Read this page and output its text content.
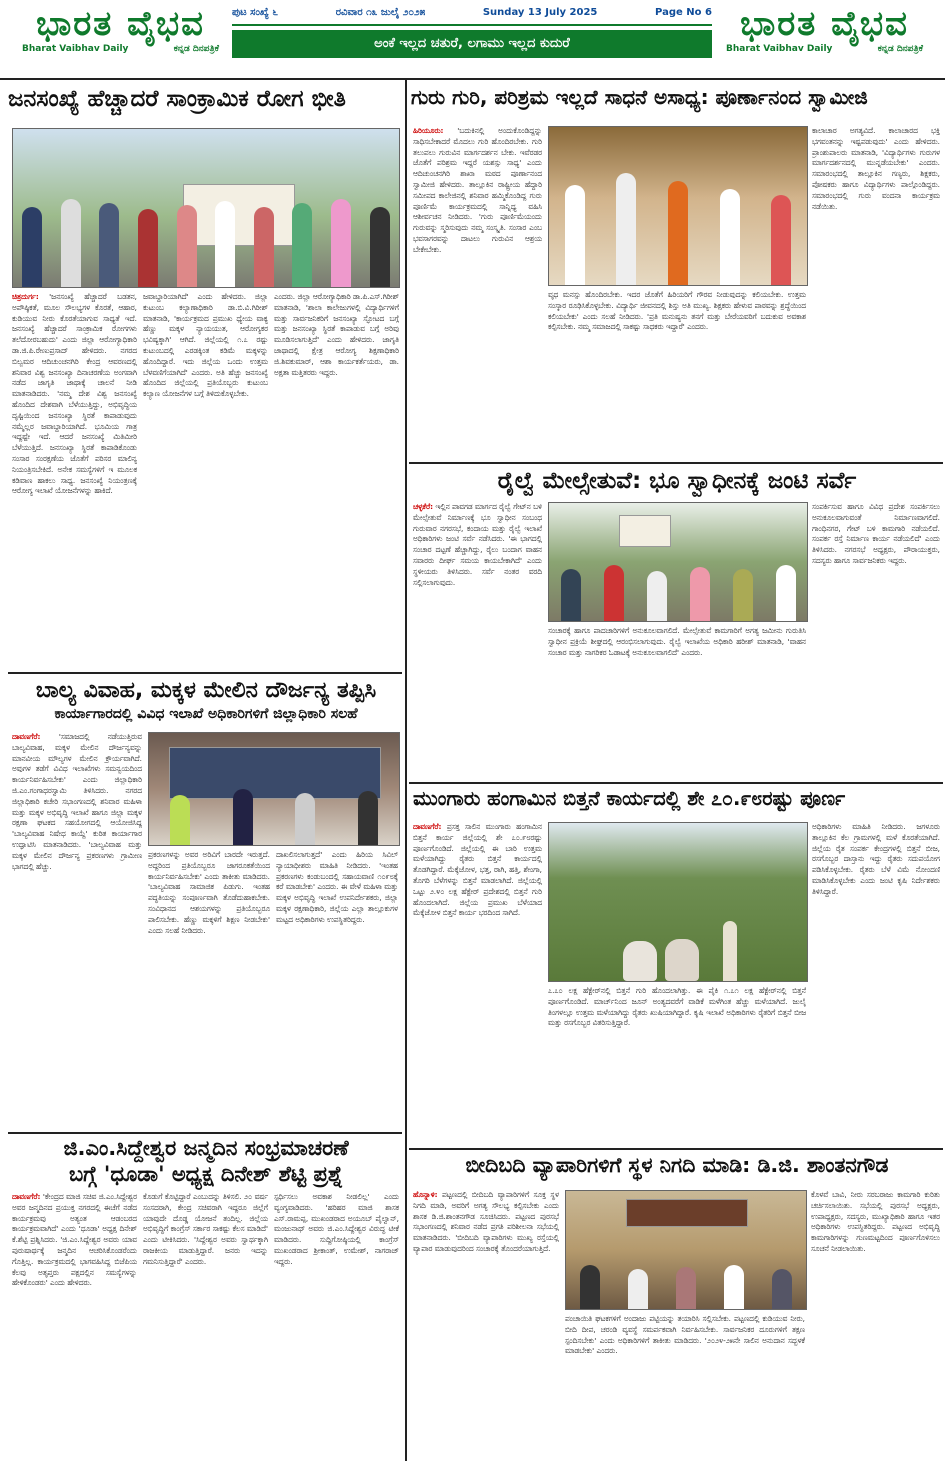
ಭಾರತ ವೈಭವ
Bharat Vaibhav Daily	ಕನ್ನಡ ದಿನಪತ್ರಿಕೆ
ಪುಟ ಸಂಖ್ಯೆ ೬	ರವಿವಾರ ೧೩ ಜುಲೈ ೨೦೨೫	Sunday 13 July 2025	Page No 6
ಅಂಕೆ ಇಲ್ಲದ ಚತುರೆ, ಲಗಾಮು ಇಲ್ಲದ ಕುದುರೆ	ಭಾರತ ವೈಭವ
Bharat Vaibhav Daily	ಕನ್ನಡ ದಿನಪತ್ರಿಕೆ
ಜನಸಂಖ್ಯೆ ಹೆಚ್ಚಾದರೆ ಸಾಂಕ್ರಾಮಿಕ ರೋಗ ಭೀತಿ
ಚಿತ್ರದುರ್ಗ: 'ಜನಸಂಖ್ಯೆ ಹೆಚ್ಚಾದರೆ ಬಡತನ, ಅಪೌಷ್ಠಿಕತೆ, ಮೂಲ ಸೌಲಭ್ಯಗಳ ಕೊರತೆ, ಆಹಾರ, ಕುಡಿಯುವ ನೀರು ಕೊರತೆಯಾಗುವ ಸಾಧ್ಯತೆ ಇದೆ. ಜನಸಂಖ್ಯೆ ಹೆಚ್ಚಾದರೆ ಸಾಂಕ್ರಾಮಿಕ ರೋಗಗಳು ತಲೆದೋರಬಹುದು' ಎಂದು ಜಿಲ್ಲಾ ಆರೋಗ್ಯಾಧಿಕಾರಿ ಡಾ.ಜಿ.ಪಿ.ರೇಣುಪ್ರಸಾದ್ ಹೇಳಿದರು. ನಗರದ ಬಿಲ್ವಮರ ಆದಿಚುಂಚನಗಿರಿ ಕೇಂದ್ರ ಆವರಣದಲ್ಲಿ ಶನಿವಾರ ವಿಶ್ವ ಜನಸಂಖ್ಯಾ ದಿನಾಚರಣೆಯ ಅಂಗವಾಗಿ ನಡೆದ ಜಾಗೃತಿ ಜಾಥಾಕ್ಕೆ ಚಾಲನೆ ನೀಡಿ ಮಾತನಾಡಿದರು. 'ನಮ್ಮ ದೇಶ ವಿಶ್ವ ಜನಸಂಖ್ಯೆ ಹೊಂದಿದ ದೇಶವಾಗಿ ಬೆಳೆಯುತ್ತಿದ್ದು, ಅಭಿವೃದ್ಧಿಯ ದೃಷ್ಟಿಯಿಂದ ಜನಸಂಖ್ಯಾ ಸ್ಥಿರತೆ ಕಾಪಾಡುವುದು ನಮ್ಮೆಲ್ಲರ ಜವಾಬ್ದಾರಿಯಾಗಿದೆ. ಭೂಮಿಯ ಗಾತ್ರ ಇದ್ದಷ್ಟೇ ಇದೆ. ಆದರೆ ಜನಸಂಖ್ಯೆ ಮಿತಿಮೀರಿ ಬೆಳೆಯುತ್ತಿದೆ. ಜನಸಂಖ್ಯಾ ಸ್ಥಿರತೆ ಕಾಪಾಡಿಕೊಂಡು ಸಂಸಾರ ಸಂರಕ್ಷಣೆಯ ಜೊತೆಗೆ ಪರಿಸರ ಮಾಲಿನ್ಯ ನಿಯಂತ್ರಿಸಬೇಕಿದೆ. ಅನೇಕ ಸಮಸ್ಯೆಗಳಿಗೆ ಇ ಮೂಲಕ ಕಡಿವಾಣ ಹಾಕಲು ಸಾಧ್ಯ. ಜನಸಂಖ್ಯೆ ನಿಯಂತ್ರಣಕ್ಕೆ ಆರೋಗ್ಯ ಇಲಾಖೆ ಯೋಜನೆಗಳನ್ನು ಹಾಕಿದೆ.
ಜವಾಬ್ದಾರಿಯಾಗಿದೆ' ಎಂದು ಹೇಳಿದರು. ಜಿಲ್ಲಾ ಕುಟುಂಬ ಕಲ್ಯಾಣಾಧಿಕಾರಿ ಡಾ.ಬಿ.ವಿ.ಗಿರೀಶ್ ಮಾತನಾಡಿ, 'ಕಾರ್ಯಕ್ರಮದ ಪ್ರಮುಖ ಧ್ಯೇಯ ವಾಕ್ಯ ಹೆಣ್ಣು ಮಕ್ಕಳ ನ್ಯಾಯಯುತ, ಆರೋಗ್ಯಕರ ಭವಿಷ್ಯಕ್ಕಾಗಿ' ಆಗಿದೆ. ಜಿಲ್ಲೆಯಲ್ಲಿ ೧.೭ ರಷ್ಟು ಕುಟುಂಬದಲ್ಲಿ ಎರಡಕ್ಕಿಂತ ಕಡಿಮೆ ಮಕ್ಕಳನ್ನು ಹೊಂದಿದ್ದಾರೆ. ಇದು ಜಿಲ್ಲೆಯ ಒಂದು ಉತ್ತಮ ಬೆಳವಣಿಗೆಯಾಗಿದೆ' ಎಂದರು. ಅತಿ ಹೆಚ್ಚು ಜನಸಂಖ್ಯೆ ಹೊಂದಿದ ಜಿಲ್ಲೆಯಲ್ಲಿ ಪ್ರತಿಯೊಬ್ಬರು ಕುಟುಂಬ ಕಲ್ಯಾಣ ಯೋಜನೆಗಳ ಬಗ್ಗೆ ತಿಳಿದುಕೊಳ್ಳಬೇಕು.
ಎಂದರು. ಜಿಲ್ಲಾ ಆರೋಗ್ಯಾಧಿಕಾರಿ ಡಾ.ಪಿ.ಎಸ್.ಗಿರೀಶ್ ಮಾತನಾಡಿ, 'ಶಾಲಾ ಕಾಲೇಜುಗಳಲ್ಲಿ ವಿದ್ಯಾರ್ಥಿಗಳಿಗೆ ಮತ್ತು ಸಾರ್ವಜನಿಕರಿಗೆ ಜನಸಂಖ್ಯಾ ಸ್ಫೋಟದ ಬಗ್ಗೆ ಮತ್ತು ಜನಸಂಖ್ಯಾ ಸ್ಥಿರತೆ ಕಾಪಾಡುವ ಬಗ್ಗೆ ಅರಿವು ಮೂಡಿಸಲಾಗುತ್ತಿದೆ' ಎಂದು ಹೇಳಿದರು. ಜಾಗೃತಿ ಜಾಥಾದಲ್ಲಿ ಕ್ಷೇತ್ರ ಆರೋಗ್ಯ ಶಿಕ್ಷಣಾಧಿಕಾರಿ ಜಿ.ಶಿವಕುಮಾರ್, ಆಶಾ ಕಾರ್ಯಕರ್ತೆಯರು, ಡಾ. ಅಕ್ಷತಾ ಮತ್ತಿತರರು ಇದ್ದರು.
ಬಾಲ್ಯ ವಿವಾಹ, ಮಕ್ಕಳ ಮೇಲಿನ ದೌರ್ಜನ್ಯ ತಪ್ಪಿಸಿ
ಕಾರ್ಯಾಗಾರದಲ್ಲಿ ವಿವಿಧ ಇಲಾಖೆ ಅಧಿಕಾರಿಗಳಿಗೆ ಜಿಲ್ಲಾಧಿಕಾರಿ ಸಲಹೆ
ದಾವಣಗೆರೆ:	'ಸಮಾಜದಲ್ಲಿ ನಡೆಯುತ್ತಿರುವ ಬಾಲ್ಯವಿವಾಹ, ಮಕ್ಕಳ ಮೇಲಿನ ದೌರ್ಜನ್ಯವನ್ನು ಮಾನವೀಯ ಮೌಲ್ಯಗಳ ಮೇಲಿನ ಕ್ರೌರ್ಯವಾಗಿದೆ. ಅವುಗಳ ತಡೆಗೆ ವಿವಿಧ ಇಲಾಖೆಗಳು ಸಮನ್ವಯದಿಂದ ಕಾರ್ಯನಿರ್ವಹಿಸಬೇಕು' ಎಂದು ಜಿಲ್ಲಾಧಿಕಾರಿ ಜಿ.ಎಂ.ಗಂಗಾಧರಸ್ವಾಮಿ ತಿಳಿಸಿದರು. ನಗರದ ಜಿಲ್ಲಾಧಿಕಾರಿ ಕಚೇರಿ ಸಭಾಂಗಣದಲ್ಲಿ ಶನಿವಾರ ಮಹಿಳಾ ಮತ್ತು ಮಕ್ಕಳ ಅಭಿವೃದ್ಧಿ ಇಲಾಖೆ ಹಾಗೂ ಜಿಲ್ಲಾ ಮಕ್ಕಳ ರಕ್ಷಣಾ ಘಟಕದ ಸಹಯೋಗದಲ್ಲಿ ಆಯೋಜಿಸಿದ್ದ 'ಬಾಲ್ಯವಿವಾಹ ನಿಷೇಧ ಕಾಯ್ದೆ' ಕುರಿತ ಕಾರ್ಯಾಗಾರ ಉದ್ಘಾಟಿಸಿ ಮಾತನಾಡಿದರು. 'ಬಾಲ್ಯವಿವಾಹ ಮತ್ತು ಮಕ್ಕಳ ಮೇಲಿನ ದೌರ್ಜನ್ಯ ಪ್ರಕರಣಗಳು ಗ್ರಾಮೀಣ ಭಾಗದಲ್ಲಿ ಹೆಚ್ಚು.
ಪ್ರಕರಣಗಳನ್ನು ಅವರ ಅರಿವಿಗೆ ಬಾರದೇ ಇರುತ್ತದೆ. ಅದ್ದರಿಂದ ಪ್ರತಿಯೊಬ್ಬರೂ ಜಾಗರೂಕತೆಯಿಂದ ಕಾರ್ಯನಿರ್ವಹಿಸಬೇಕು' ಎಂದು ತಾಕೀತು ಮಾಡಿದರು. 'ಬಾಲ್ಯವಿವಾಹ ಸಾಮಾಜಿಕ ಪಿಡುಗು. ಇಂತಹ ಪದ್ಧತಿಯನ್ನು ಸಂಪೂರ್ಣವಾಗಿ ತೊಡೆದುಹಾಕಬೇಕು. ಸಂವಿಧಾನದ ಆಶಯಗಳನ್ನು ಪ್ರತಿಯೊಬ್ಬರೂ ಪಾಲಿಸಬೇಕು. ಹೆಣ್ಣು ಮಕ್ಕಳಿಗೆ ಶಿಕ್ಷಣ ನೀಡಬೇಕು' ಎಂದು ಸಲಹೆ ನೀಡಿದರು.
ದಾಖಲಿಸಲಾಗುತ್ತದೆ' ಎಂದು ಹಿರಿಯ ಸಿವಿಲ್ ನ್ಯಾಯಾಧೀಶರು ಮಾಹಿತಿ ನೀಡಿದರು. 'ಇಂತಹ ಪ್ರಕರಣಗಳು ಕಂಡುಬಂದಲ್ಲಿ ಸಹಾಯವಾಣಿ ೧೦೯೮ಕ್ಕೆ ಕರೆ ಮಾಡಬೇಕು' ಎಂದರು. ಈ ವೇಳೆ ಮಹಿಳಾ ಮತ್ತು ಮಕ್ಕಳ ಅಭಿವೃದ್ಧಿ ಇಲಾಖೆ ಉಪನಿರ್ದೇಶಕರು, ಜಿಲ್ಲಾ ಮಕ್ಕಳ ರಕ್ಷಣಾಧಿಕಾರಿ, ಜಿಲ್ಲೆಯ ಎಲ್ಲಾ ತಾಲ್ಲೂಕುಗಳ ಮಟ್ಟದ ಅಧಿಕಾರಿಗಳು ಉಪಸ್ಥಿತರಿದ್ದರು.
ಜಿ.ಎಂ.ಸಿದ್ದೇಶ್ವರ ಜನ್ಮದಿನ ಸಂಭ್ರಮಾಚರಣೆ
ಬಗ್ಗೆ 'ಧೂಡಾ' ಅಧ್ಯಕ್ಷ ದಿನೇಶ್ ಶೆಟ್ಟಿ ಪ್ರಶ್ನೆ
ದಾವಣಗೆರೆ: 'ಕೇಂದ್ರದ ಮಾಜಿ ಸಚಿವ ಜಿ.ಎಂ.ಸಿದ್ದೇಶ್ವರ ಅವರ ಜನ್ಮದಿನದ ಪ್ರಯುಕ್ತ ನಗರದಲ್ಲಿ ಈಚೆಗೆ ನಡೆದ ಕಾರ್ಯಕ್ರಮವು ಅತ್ಯಂತ ಆಡಂಬರದ ಕಾರ್ಯಕ್ರಮವಾಗಿದೆ' ಎಂದು 'ಧೂಡಾ' ಅಧ್ಯಕ್ಷ ದಿನೇಶ್ ಕೆ.ಶೆಟ್ಟಿ ಪ್ರಶ್ನಿಸಿದರು. 'ಜಿ.ಎಂ.ಸಿದ್ದೇಶ್ವರ ಅವರು ಯಾವ ಪುರುಷಾರ್ಥಕ್ಕೆ ಜನ್ಮದಿನ ಆಚರಿಸಿಕೊಂಡರೆಂದು ಗೊತ್ತಿಲ್ಲ. ಕಾರ್ಯಕ್ರಮದಲ್ಲಿ ಭಾಗವಹಿಸಿದ್ದ ಬಿಜೆಪಿಯ ಕೆಲವು ಅತೃಪ್ತರು ಪಕ್ಷದಲ್ಲಿನ ಸಮಸ್ಯೆಗಳನ್ನು ಹೇಳಿಕೊಂಡರು' ಎಂದು ಹೇಳಿದರು.
ಕೊಡುಗೆ ಕೊಟ್ಟಿದ್ದಾರೆ ಎಂಬುದನ್ನು ತಿಳಿಸಲಿ. ೨೦ ವರ್ಷ ಸಂಸದರಾಗಿ, ಕೇಂದ್ರ ಸಚಿವರಾಗಿ ಇದ್ದರೂ ಜಿಲ್ಲೆಗೆ ಯಾವುದೇ ದೊಡ್ಡ ಯೋಜನೆ ತಂದಿಲ್ಲ. ಜಿಲ್ಲೆಯ ಅಭಿವೃದ್ಧಿಗೆ ಕಾಂಗ್ರೆಸ್ ಸರ್ಕಾರ ಸಾಕಷ್ಟು ಕೆಲಸ ಮಾಡಿದೆ' ಎಂದು ಟೀಕಿಸಿದರು. 'ಸಿದ್ದೇಶ್ವರ ಅವರು ಸ್ವಾರ್ಥಕ್ಕಾಗಿ ರಾಜಕೀಯ ಮಾಡುತ್ತಿದ್ದಾರೆ. ಜನರು ಇದನ್ನು ಗಮನಿಸುತ್ತಿದ್ದಾರೆ' ಎಂದರು.
ಸ್ಪರ್ಧಿಸಲು ಅವಕಾಶ ನೀಡಲಿಲ್ಲ' ಎಂದು ವ್ಯಂಗ್ಯವಾಡಿದರು. 'ಹರಿಹರ ಮಾಜಿ ಶಾಸಕ ಎಸ್.ರಾಮಪ್ಪ, ಮುಖಂಡರಾದ ಅಯೂಬ್ ಪೈಲ್ವಾನ್, ಮಂಜುನಾಥ್ ಅವರು ಜಿ.ಎಂ.ಸಿದ್ದೇಶ್ವರ ವಿರುದ್ಧ ಟೀಕೆ ಮಾಡಿದರು. ಸುದ್ದಿಗೋಷ್ಠಿಯಲ್ಲಿ ಕಾಂಗ್ರೆಸ್ ಮುಖಂಡರಾದ ಶ್ರೀಕಾಂತ್, ಉಮೇಶ್, ನಾಗರಾಜ್ ಇದ್ದರು.
ಗುರು ಗುರಿ, ಪರಿಶ್ರಮ ಇಲ್ಲದೆ ಸಾಧನೆ ಅಸಾಧ್ಯ: ಪೂರ್ಣಾನಂದ ಸ್ವಾಮೀಜಿ
ಹಿರಿಯೂರು: 'ಬದುಕಿನಲ್ಲಿ ಅಂದುಕೊಂಡಿದ್ದನ್ನು ಸಾಧಿಸಬೇಕಾದರೆ ಮೊದಲು ಗುರಿ ಹೊಂದಿರಬೇಕು. ಗುರಿ ತಲುಪಲು ಗುರುವಿನ ಮಾರ್ಗದರ್ಶನ ಬೇಕು. ಇವೆರಡರ ಜೊತೆಗೆ ಪರಿಶ್ರಮ ಇದ್ದರೆ ಯಶಸ್ಸು ಸಾಧ್ಯ' ಎಂದು ಆದಿಚುಂಚನಗಿರಿ ಶಾಖಾ ಮಠದ ಪೂರ್ಣಾನಂದ ಸ್ವಾಮೀಜಿ ಹೇಳಿದರು. ತಾಲ್ಲೂಕಿನ ರಾಷ್ಟ್ರೀಯ ಹೆದ್ದಾರಿ ಸಮೀಪದ ಕಾಲೇಜಿನಲ್ಲಿ ಶನಿವಾರ ಹಮ್ಮಿಕೊಂಡಿದ್ದ ಗುರು ಪೂರ್ಣಿಮೆ ಕಾರ್ಯಕ್ರಮದಲ್ಲಿ ಸಾನ್ನಿಧ್ಯ ವಹಿಸಿ ಆಶೀರ್ವಚನ ನೀಡಿದರು. 'ಗುರು ಪೂರ್ಣಿಮೆಯಂದು ಗುರುವನ್ನು ಸ್ಮರಿಸುವುದು ನಮ್ಮ ಸಂಸ್ಕೃತಿ. ಸಂಸಾರ ಎಂಬ ಭವಸಾಗರವನ್ನು ದಾಟಲು ಗುರುವಿನ ಆಶ್ರಯ ಬೇಕೇಬೇಕು.
ವೃಧ ಮನಸ್ಸು ಹೊಂದಿರಬೇಕು. ಇದರ ಜೊತೆಗೆ ಹಿರಿಯರಿಗೆ ಗೌರವ ನೀಡುವುದನ್ನು ಕಲಿಯಬೇಕು. ಉತ್ತಮ ಸಂಸ್ಕಾರ ರೂಢಿಸಿಕೊಳ್ಳಬೇಕು. ವಿದ್ಯಾರ್ಥಿ ಜೀವನದಲ್ಲಿ ಶಿಸ್ತು ಅತಿ ಮುಖ್ಯ. ಶಿಕ್ಷಕರು ಹೇಳುವ ಪಾಠವನ್ನು ಶ್ರದ್ಧೆಯಿಂದ ಕಲಿಯಬೇಕು' ಎಂದು ಸಲಹೆ ನೀಡಿದರು. 'ಪ್ರತಿ ಮನುಷ್ಯನು ತನಗೆ ಮತ್ತು ಬೇರೆಯವರಿಗೆ ಬದುಕುವ ಅವಕಾಶ ಕಲ್ಪಿಸಬೇಕು. ನಮ್ಮ ಸಮಾಜದಲ್ಲಿ ಸಾಕಷ್ಟು ಸಾಧಕರು ಇದ್ದಾರೆ' ಎಂದರು.
ಕಾಲಾಚಾರ ಅಗತ್ಯವಿದೆ. ಕಾಲಾಚಾರದ ಭಕ್ತಿ ಭಗವಂತನನ್ನು ಇಷ್ಟಪಡುವುದು' ಎಂದು ಹೇಳಿದರು. ಪ್ರಾಂಶುಪಾಲರು ಮಾತನಾಡಿ, 'ವಿದ್ಯಾರ್ಥಿಗಳು ಗುರುಗಳ ಮಾರ್ಗದರ್ಶನದಲ್ಲಿ ಮುನ್ನಡೆಯಬೇಕು' ಎಂದರು. ಸಮಾರಂಭದಲ್ಲಿ ತಾಲ್ಲೂಕಿನ ಗಣ್ಯರು, ಶಿಕ್ಷಕರು, ಪೋಷಕರು ಹಾಗೂ ವಿದ್ಯಾರ್ಥಿಗಳು ಪಾಲ್ಗೊಂಡಿದ್ದರು. ಸಮಾರಂಭದಲ್ಲಿ ಗುರು ವಂದನಾ ಕಾರ್ಯಕ್ರಮ ನಡೆಯಿತು.
ರೈಲ್ವೆ ಮೇಲ್ಸೇತುವೆ: ಭೂ ಸ್ವಾಧೀನಕ್ಕೆ ಜಂಟಿ ಸರ್ವೆ
ಚಳ್ಳಕೆರೆ: ಇಲ್ಲಿನ ಪಾವಗಡ ಮಾರ್ಗದ ರೈಲ್ವೆ ಗೇಟ್‌ನ ಬಳಿ ಮೇಲ್ಸೇತುವೆ ನಿರ್ಮಾಣಕ್ಕೆ ಭೂ ಸ್ವಾಧೀನ ಸಂಬಂಧ ಗುರುವಾರ ನಗರಸಭೆ, ಕಂದಾಯ ಮತ್ತು ರೈಲ್ವೆ ಇಲಾಖೆ ಅಧಿಕಾರಿಗಳು ಜಂಟಿ ಸರ್ವೆ ನಡೆಸಿದರು. 'ಈ ಭಾಗದಲ್ಲಿ ಸಂಚಾರ ದಟ್ಟಣೆ ಹೆಚ್ಚಾಗಿದ್ದು, ರೈಲು ಬಂದಾಗ ವಾಹನ ಸವಾರರು ದೀರ್ಘ ಸಮಯ ಕಾಯಬೇಕಾಗಿದೆ' ಎಂದು ಸ್ಥಳೀಯರು ತಿಳಿಸಿದರು. ಸರ್ವೆ ನಂತರ ವರದಿ ಸಲ್ಲಿಸಲಾಗುವುದು.
ಸಂಚಾರಕ್ಕೆ ಹಾಗೂ ಪಾದಚಾರಿಗಳಿಗೆ ಅನುಕೂಲವಾಗಲಿದೆ. ಮೇಲ್ಸೇತುವೆ ಕಾಮಗಾರಿಗೆ ಅಗತ್ಯ ಜಮೀನು ಗುರುತಿಸಿ ಸ್ವಾಧೀನ ಪ್ರಕ್ರಿಯೆ ಶೀಘ್ರದಲ್ಲಿ ಆರಂಭಿಸಲಾಗುವುದು. ರೈಲ್ವೆ ಇಲಾಖೆಯ ಅಧಿಕಾರಿ ಹರೀಶ್ ಮಾತನಾಡಿ, 'ವಾಹನ ಸಂಚಾರ ಮತ್ತು ನಾಗರಿಕರ ಓಡಾಟಕ್ಕೆ ಅನುಕೂಲವಾಗಲಿದೆ' ಎಂದರು.
ಸಂಪರ್ಕಿಸುವ ಹಾಗೂ ವಿವಿಧ ಪ್ರದೇಶ ಸಂಪರ್ಕಿಸಲು ಅನುಕೂಲವಾಗುವಂತೆ ನಿರ್ಮಾಣವಾಗಲಿದೆ. ಗಾಂಧಿನಗರ, ಗೇಟ್ ಬಳಿ ಕಾಮಗಾರಿ ನಡೆಯಲಿದೆ. ಸಂಪರ್ಕ ರಸ್ತೆ ನಿರ್ಮಾಣ ಕಾರ್ಯ ನಡೆಯಲಿದೆ' ಎಂದು ತಿಳಿಸಿದರು. ನಗರಸಭೆ ಅಧ್ಯಕ್ಷರು, ಪೌರಾಯುಕ್ತರು, ಸದಸ್ಯರು ಹಾಗೂ ಸಾರ್ವಜನಿಕರು ಇದ್ದರು.
ಮುಂಗಾರು ಹಂಗಾಮಿನ ಬಿತ್ತನೆ ಕಾರ್ಯದಲ್ಲಿ ಶೇ ೭೦.೯೮ರಷ್ಟು ಪೂರ್ಣ
ದಾವಣಗೆರೆ: ಪ್ರಸಕ್ತ ಸಾಲಿನ ಮುಂಗಾರು ಹಂಗಾಮಿನ ಬಿತ್ತನೆ ಕಾರ್ಯ ಜಿಲ್ಲೆಯಲ್ಲಿ ಶೇ ೭೦.೯೮ರಷ್ಟು ಪೂರ್ಣಗೊಂಡಿದೆ. ಜಿಲ್ಲೆಯಲ್ಲಿ ಈ ಬಾರಿ ಉತ್ತಮ ಮಳೆಯಾಗಿದ್ದು ರೈತರು ಬಿತ್ತನೆ ಕಾರ್ಯದಲ್ಲಿ ತೊಡಗಿದ್ದಾರೆ. ಮೆಕ್ಕೆಜೋಳ, ಭತ್ತ, ರಾಗಿ, ಹತ್ತಿ, ಶೇಂಗಾ, ತೊಗರಿ ಬೆಳೆಗಳನ್ನು ಬಿತ್ತನೆ ಮಾಡಲಾಗಿದೆ. ಜಿಲ್ಲೆಯಲ್ಲಿ ಒಟ್ಟು ೨.೪೦ ಲಕ್ಷ ಹೆಕ್ಟೇರ್ ಪ್ರದೇಶದಲ್ಲಿ ಬಿತ್ತನೆ ಗುರಿ ಹೊಂದಲಾಗಿದೆ. ಜಿಲ್ಲೆಯ ಪ್ರಮುಖ ಬೆಳೆಯಾದ ಮೆಕ್ಕೆಜೋಳ ಬಿತ್ತನೆ ಕಾರ್ಯ ಭರದಿಂದ ಸಾಗಿದೆ.
೭.೭೦ ಲಕ್ಷ ಹೆಕ್ಟೇರ್‌ನಲ್ಲಿ ಬಿತ್ತನೆ ಗುರಿ ಹೊಂದಲಾಗಿತ್ತು. ಈ ಪೈಕಿ ೧.೭೧ ಲಕ್ಷ ಹೆಕ್ಟೇರ್‌ನಲ್ಲಿ ಬಿತ್ತನೆ ಪೂರ್ಣಗೊಂಡಿದೆ. ಮಾರ್ಚ್‌ನಿಂದ ಜೂನ್ ಅಂತ್ಯದವರೆಗೆ ವಾಡಿಕೆ ಮಳೆಗಿಂತ ಹೆಚ್ಚು ಮಳೆಯಾಗಿದೆ. ಜುಲೈ ತಿಂಗಳಲ್ಲೂ ಉತ್ತಮ ಮಳೆಯಾಗಿದ್ದು ರೈತರು ಖುಷಿಯಾಗಿದ್ದಾರೆ. ಕೃಷಿ ಇಲಾಖೆ ಅಧಿಕಾರಿಗಳು ರೈತರಿಗೆ ಬಿತ್ತನೆ ಬೀಜ ಮತ್ತು ರಸಗೊಬ್ಬರ ವಿತರಿಸುತ್ತಿದ್ದಾರೆ.
ಅಧಿಕಾರಿಗಳು ಮಾಹಿತಿ ನೀಡಿದರು. ಜಗಳೂರು ತಾಲ್ಲೂಕಿನ ಕೆಲ ಗ್ರಾಮಗಳಲ್ಲಿ ಮಳೆ ಕೊರತೆಯಾಗಿದೆ. ಜಿಲ್ಲೆಯ ರೈತ ಸಂಪರ್ಕ ಕೇಂದ್ರಗಳಲ್ಲಿ ಬಿತ್ತನೆ ಬೀಜ, ರಸಗೊಬ್ಬರ ದಾಸ್ತಾನು ಇದ್ದು ರೈತರು ಸದುಪಯೋಗ ಪಡಿಸಿಕೊಳ್ಳಬೇಕು. ರೈತರು ಬೆಳೆ ವಿಮೆ ನೋಂದಣಿ ಮಾಡಿಸಿಕೊಳ್ಳಬೇಕು ಎಂದು ಜಂಟಿ ಕೃಷಿ ನಿರ್ದೇಶಕರು ತಿಳಿಸಿದ್ದಾರೆ.
ಬೀದಿಬದಿ ವ್ಯಾಪಾರಿಗಳಿಗೆ ಸ್ಥಳ ನಿಗದಿ ಮಾಡಿ: ಡಿ.ಜಿ. ಶಾಂತನಗೌಡ
ಹೊನ್ನಾಳಿ: ಪಟ್ಟಣದಲ್ಲಿ ಬೀದಿಬದಿ ವ್ಯಾಪಾರಿಗಳಿಗೆ ಸೂಕ್ತ ಸ್ಥಳ ನಿಗದಿ ಮಾಡಿ, ಅವರಿಗೆ ಅಗತ್ಯ ಸೌಲಭ್ಯ ಕಲ್ಪಿಸಬೇಕು ಎಂದು ಶಾಸಕ ಡಿ.ಜಿ.ಶಾಂತನಗೌಡ ಸೂಚಿಸಿದರು. ಪಟ್ಟಣದ ಪುರಸಭೆ ಸಭಾಂಗಣದಲ್ಲಿ ಶನಿವಾರ ನಡೆದ ಪ್ರಗತಿ ಪರಿಶೀಲನಾ ಸಭೆಯಲ್ಲಿ ಮಾತನಾಡಿದರು. 'ಬೀದಿಬದಿ ವ್ಯಾಪಾರಿಗಳು ಮುಖ್ಯ ರಸ್ತೆಯಲ್ಲಿ ವ್ಯಾಪಾರ ಮಾಡುವುದರಿಂದ ಸಂಚಾರಕ್ಕೆ ತೊಂದರೆಯಾಗುತ್ತಿದೆ.
ಪಂಚಾಯಿತಿ ಘಟಕಗಳಿಗೆ ಅಂದಾಜು ಪಟ್ಟಿಯನ್ನು ತಯಾರಿಸಿ ಸಲ್ಲಿಸಬೇಕು. ಪಟ್ಟಣದಲ್ಲಿ ಕುಡಿಯುವ ನೀರು, ಬೀದಿ ದೀಪ, ಚರಂಡಿ ವ್ಯವಸ್ಥೆ ಸಮರ್ಪಕವಾಗಿ ನಿರ್ವಹಿಸಬೇಕು. ಸಾರ್ವಜನಿಕರ ದೂರುಗಳಿಗೆ ತಕ್ಷಣ ಸ್ಪಂದಿಸಬೇಕು' ಎಂದು ಅಧಿಕಾರಿಗಳಿಗೆ ತಾಕೀತು ಮಾಡಿದರು. '೨೦೨೪-೨೫ನೇ ಸಾಲಿನ ಅನುದಾನ ಸದ್ಬಳಕೆ ಮಾಡಬೇಕು' ಎಂದರು.
ಕೊಳವೆ ಬಾವಿ, ನೀರು ಸರಬರಾಜು ಕಾಮಗಾರಿ ಕುರಿತು ಚರ್ಚಿಸಲಾಯಿತು. ಸಭೆಯಲ್ಲಿ ಪುರಸಭೆ ಅಧ್ಯಕ್ಷರು, ಉಪಾಧ್ಯಕ್ಷರು, ಸದಸ್ಯರು, ಮುಖ್ಯಾಧಿಕಾರಿ ಹಾಗೂ ಇತರ ಅಧಿಕಾರಿಗಳು ಉಪಸ್ಥಿತರಿದ್ದರು. ಪಟ್ಟಣದ ಅಭಿವೃದ್ಧಿ ಕಾಮಗಾರಿಗಳನ್ನು ಗುಣಮಟ್ಟದಿಂದ ಪೂರ್ಣಗೊಳಿಸಲು ಸೂಚನೆ ನೀಡಲಾಯಿತು.
